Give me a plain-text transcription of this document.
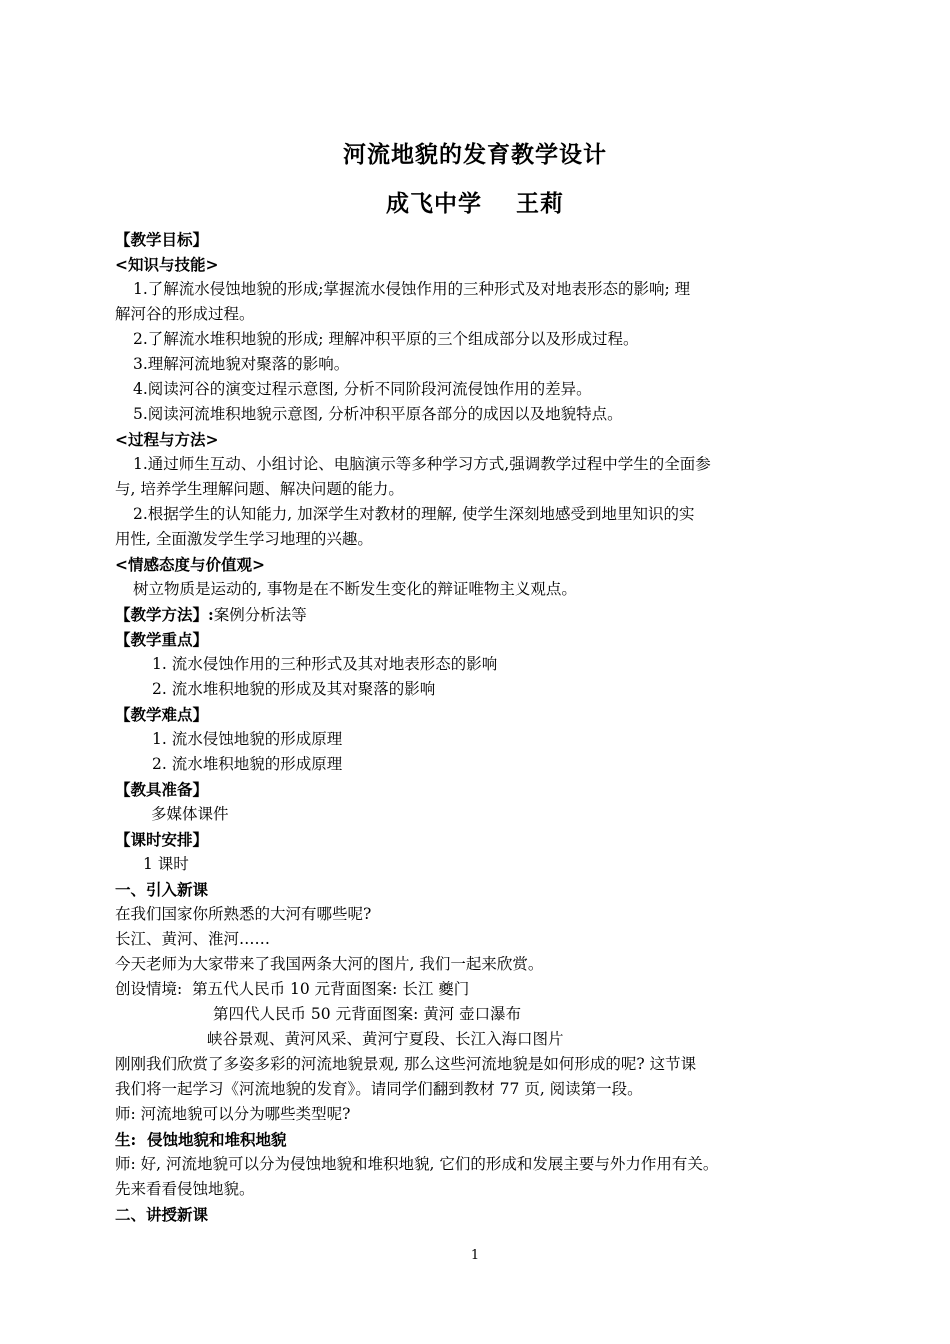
河流地貌的发育教学设计
成飞中学 王莉
【教学目标】
<知识与技能>
1.了解流水侵蚀地貌的形成;掌握流水侵蚀作用的三种形式及对地表形态的影响; 理
解河谷的形成过程。
2.了解流水堆积地貌的形成; 理解冲积平原的三个组成部分以及形成过程。
3.理解河流地貌对聚落的影响。
4.阅读河谷的演变过程示意图, 分析不同阶段河流侵蚀作用的差异。
5.阅读河流堆积地貌示意图, 分析冲积平原各部分的成因以及地貌特点。
<过程与方法>
1.通过师生互动、小组讨论、电脑演示等多种学习方式,强调教学过程中学生的全面参
与, 培养学生理解问题、解决问题的能力。
2.根据学生的认知能力, 加深学生对教材的理解, 使学生深刻地感受到地里知识的实
用性, 全面激发学生学习地理的兴趣。
<情感态度与价值观>
树立物质是运动的, 事物是在不断发生变化的辩证唯物主义观点。
【教学方法】:案例分析法等
【教学重点】
1. 流水侵蚀作用的三种形式及其对地表形态的影响
2. 流水堆积地貌的形成及其对聚落的影响
【教学难点】
1. 流水侵蚀地貌的形成原理
2. 流水堆积地貌的形成原理
【教具准备】
多媒体课件
【课时安排】
1 课时
一、引入新课
在我们国家你所熟悉的大河有哪些呢?
长江、黄河、淮河……
今天老师为大家带来了我国两条大河的图片, 我们一起来欣赏。
创设情境: 第五代人民币 10 元背面图案: 长江 夔门
第四代人民币 50 元背面图案: 黄河 壶口瀑布
峡谷景观、黄河风采、黄河宁夏段、长江入海口图片
刚刚我们欣赏了多姿多彩的河流地貌景观, 那么这些河流地貌是如何形成的呢? 这节课
我们将一起学习《河流地貌的发育》。请同学们翻到教材 77 页, 阅读第一段。
师: 河流地貌可以分为哪些类型呢?
生: 侵蚀地貌和堆积地貌
师: 好, 河流地貌可以分为侵蚀地貌和堆积地貌, 它们的形成和发展主要与外力作用有关。
先来看看侵蚀地貌。
二、讲授新课
1
